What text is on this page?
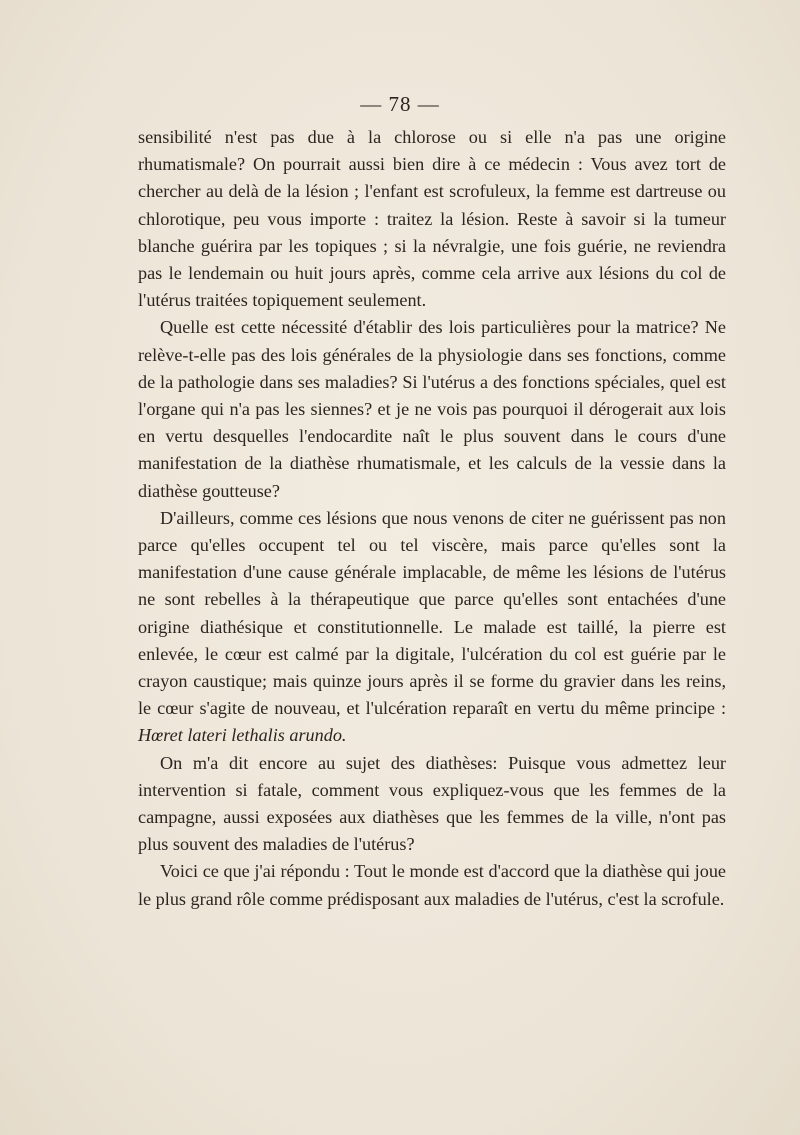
— 78 —

sensibilité n'est pas due à la chlorose ou si elle n'a pas une origine rhumatismale? On pourrait aussi bien dire à ce médecin : Vous avez tort de chercher au delà de la lésion ; l'enfant est scrofuleux, la femme est dartreuse ou chlorotique, peu vous importe : traitez la lésion. Reste à savoir si la tumeur blanche guérira par les topiques ; si la névralgie, une fois guérie, ne reviendra pas le lendemain ou huit jours après, comme cela arrive aux lésions du col de l'utérus traitées topiquement seulement.

Quelle est cette nécessité d'établir des lois particulières pour la matrice? Ne relève-t-elle pas des lois générales de la physiologie dans ses fonctions, comme de la pathologie dans ses maladies? Si l'utérus a des fonctions spéciales, quel est l'organe qui n'a pas les siennes? et je ne vois pas pourquoi il dérogerait aux lois en vertu desquelles l'endocardite naît le plus souvent dans le cours d'une manifestation de la diathèse rhumatismale, et les calculs de la vessie dans la diathèse goutteuse?

D'ailleurs, comme ces lésions que nous venons de citer ne guérissent pas non parce qu'elles occupent tel ou tel viscère, mais parce qu'elles sont la manifestation d'une cause générale implacable, de même les lésions de l'utérus ne sont rebelles à la thérapeutique que parce qu'elles sont entachées d'une origine diathésique et constitutionnelle. Le malade est taillé, la pierre est enlevée, le cœur est calmé par la digitale, l'ulcération du col est guérie par le crayon caustique; mais quinze jours après il se forme du gravier dans les reins, le cœur s'agite de nouveau, et l'ulcération reparaît en vertu du même principe : Hœret lateri lethalis arundo.

On m'a dit encore au sujet des diathèses: Puisque vous admettez leur intervention si fatale, comment vous expliquez-vous que les femmes de la campagne, aussi exposées aux diathèses que les femmes de la ville, n'ont pas plus souvent des maladies de l'utérus?

Voici ce que j'ai répondu : Tout le monde est d'accord que la diathèse qui joue le plus grand rôle comme prédisposant aux maladies de l'utérus, c'est la scrofule.
